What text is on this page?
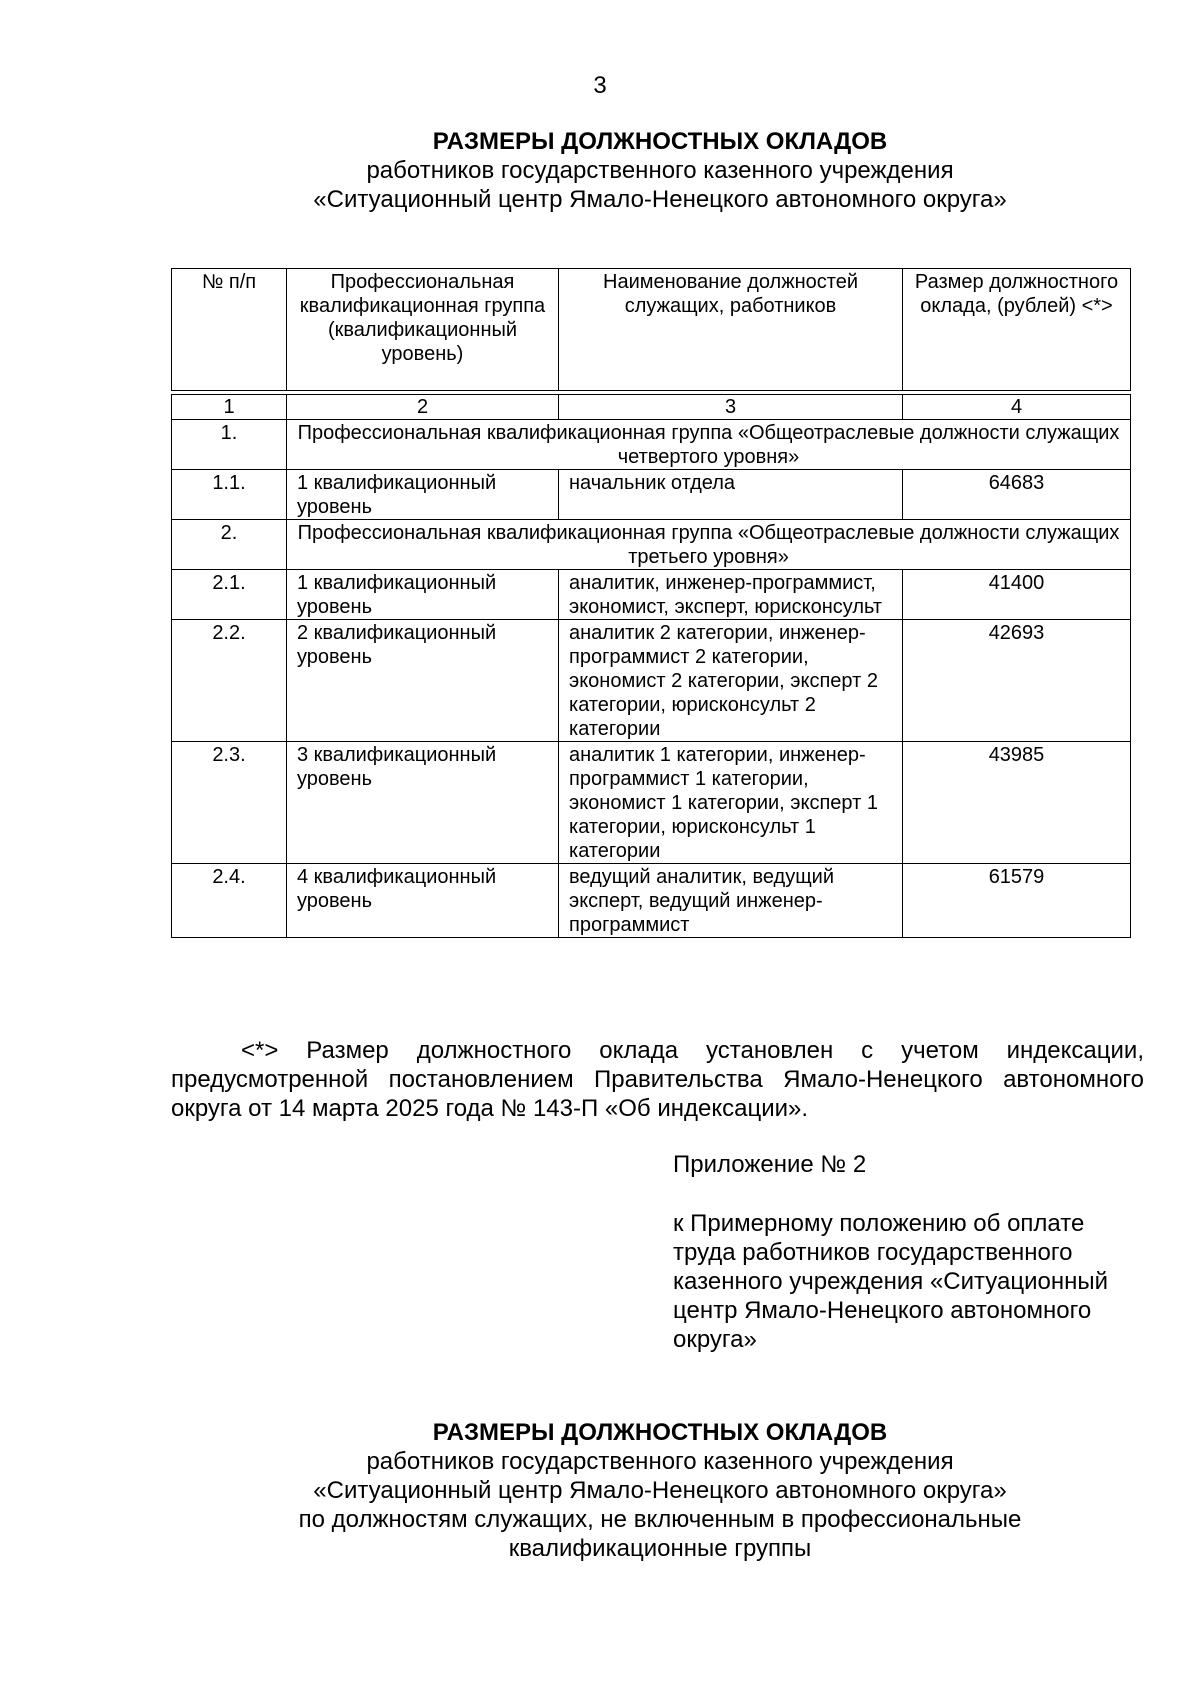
3
РАЗМЕРЫ ДОЛЖНОСТНЫХ ОКЛАДОВ
работников государственного казенного учреждения
«Ситуационный центр Ямало-Ненецкого автономного округа»
№ п/п	Профессиональная квалификационная группа (квалификационный уровень)	Наименование должностей служащих, работников	Размер должностного оклада, (рублей) <*>

1	2	3	4
1.	Профессиональная квалификационная группа «Общеотраслевые должности служащих четвертого уровня»		
1.1.	1 квалификационный уровень	начальник отдела	64683
2.	Профессиональная квалификационная группа «Общеотраслевые должности служащих третьего уровня»		
2.1.	1 квалификационный уровень	аналитик, инженер-программист, экономист, эксперт, юрисконсульт	41400
2.2.	2 квалификационный уровень	аналитик 2 категории, инженер-программист 2 категории, экономист 2 категории, эксперт 2 категории, юрисконсульт 2 категории	42693
2.3.	3 квалификационный уровень	аналитик 1 категории, инженер-программист 1 категории, экономист 1 категории, эксперт 1 категории, юрисконсульт 1 категории	43985
2.4.	4 квалификационный уровень	ведущий аналитик, ведущий эксперт, ведущий инженер-программист	61579
<*> Размер должностного оклада установлен с учетом индексации,
предусмотренной постановлением Правительства Ямало-Ненецкого автономного округа от 14 марта 2025 года № 143-П «Об индексации».
Приложение № 2
к Примерному положению об оплате труда работников государственного казенного учреждения «Ситуационный центр Ямало-Ненецкого автономного округа»
РАЗМЕРЫ ДОЛЖНОСТНЫХ ОКЛАДОВ
работников государственного казенного учреждения
«Ситуационный центр Ямало-Ненецкого автономного округа»
по должностям служащих, не включенным в профессиональные
квалификационные группы
